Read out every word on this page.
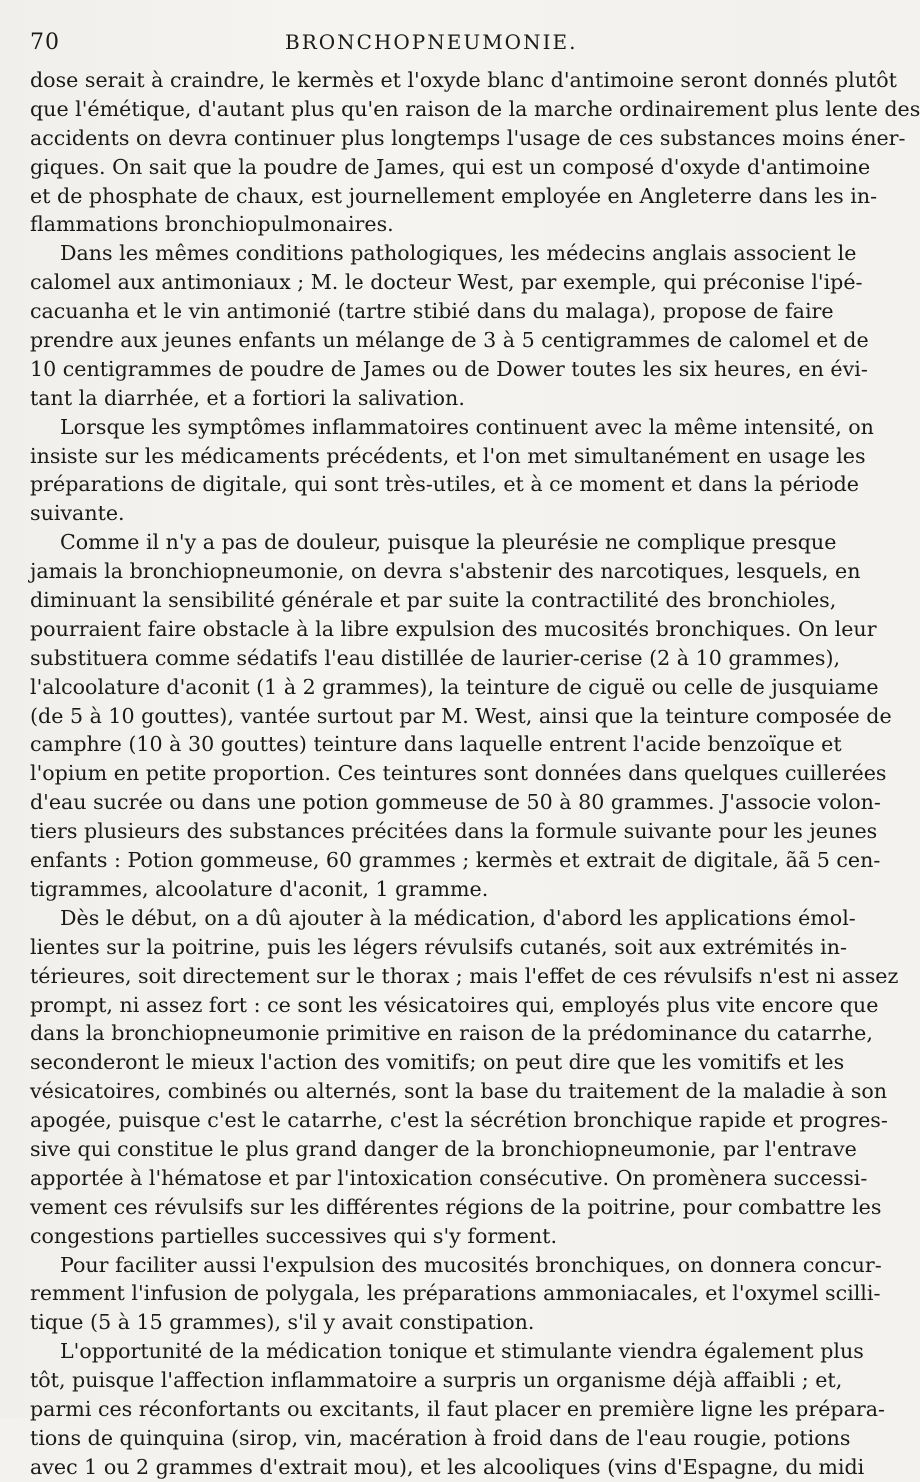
70	BRONCHOPNEUMONIE.
dose serait à craindre, le kermès et l'oxyde blanc d'antimoine seront donnés plutôt
que l'émétique, d'autant plus qu'en raison de la marche ordinairement plus lente des
accidents on devra continuer plus longtemps l'usage de ces substances moins éner-
giques. On sait que la poudre de James, qui est un composé d'oxyde d'antimoine
et de phosphate de chaux, est journellement employée en Angleterre dans les in-
flammations bronchiopulmonaires.
Dans les mêmes conditions pathologiques, les médecins anglais associent le
calomel aux antimoniaux ; M. le docteur West, par exemple, qui préconise l'ipé-
cacuanha et le vin antimonié (tartre stibié dans du malaga), propose de faire
prendre aux jeunes enfants un mélange de 3 à 5 centigrammes de calomel et de
10 centigrammes de poudre de James ou de Dower toutes les six heures, en évi-
tant la diarrhée, et a fortiori la salivation.
Lorsque les symptômes inflammatoires continuent avec la même intensité, on
insiste sur les médicaments précédents, et l'on met simultanément en usage les
préparations de digitale, qui sont très-utiles, et à ce moment et dans la période
suivante.
Comme il n'y a pas de douleur, puisque la pleurésie ne complique presque
jamais la bronchiopneumonie, on devra s'abstenir des narcotiques, lesquels, en
diminuant la sensibilité générale et par suite la contractilité des bronchioles,
pourraient faire obstacle à la libre expulsion des mucosités bronchiques. On leur
substituera comme sédatifs l'eau distillée de laurier-cerise (2 à 10 grammes),
l'alcoolature d'aconit (1 à 2 grammes), la teinture de ciguë ou celle de jusquiame
(de 5 à 10 gouttes), vantée surtout par M. West, ainsi que la teinture composée de
camphre (10 à 30 gouttes) teinture dans laquelle entrent l'acide benzoïque et
l'opium en petite proportion. Ces teintures sont données dans quelques cuillerées
d'eau sucrée ou dans une potion gommeuse de 50 à 80 grammes. J'associe volon-
tiers plusieurs des substances précitées dans la formule suivante pour les jeunes
enfants : Potion gommeuse, 60 grammes ; kermès et extrait de digitale, ãã 5 cen-
tigrammes, alcoolature d'aconit, 1 gramme.
Dès le début, on a dû ajouter à la médication, d'abord les applications émol-
lientes sur la poitrine, puis les légers révulsifs cutanés, soit aux extrémités in-
térieures, soit directement sur le thorax ; mais l'effet de ces révulsifs n'est ni assez
prompt, ni assez fort : ce sont les vésicatoires qui, employés plus vite encore que
dans la bronchiopneumonie primitive en raison de la prédominance du catarrhe,
seconderont le mieux l'action des vomitifs; on peut dire que les vomitifs et les
vésicatoires, combinés ou alternés, sont la base du traitement de la maladie à son
apogée, puisque c'est le catarrhe, c'est la sécrétion bronchique rapide et progres-
sive qui constitue le plus grand danger de la bronchiopneumonie, par l'entrave
apportée à l'hématose et par l'intoxication consécutive. On promènera successi-
vement ces révulsifs sur les différentes régions de la poitrine, pour combattre les
congestions partielles successives qui s'y forment.
Pour faciliter aussi l'expulsion des mucosités bronchiques, on donnera concur-
remment l'infusion de polygala, les préparations ammoniacales, et l'oxymel scilli-
tique (5 à 15 grammes), s'il y avait constipation.
L'opportunité de la médication tonique et stimulante viendra également plus
tôt, puisque l'affection inflammatoire a surpris un organisme déjà affaibli ; et,
parmi ces réconfortants ou excitants, il faut placer en première ligne les prépara-
tions de quinquina (sirop, vin, macération à froid dans de l'eau rougie, potions
avec 1 ou 2 grammes d'extrait mou), et les alcooliques (vins d'Espagne, du midi
